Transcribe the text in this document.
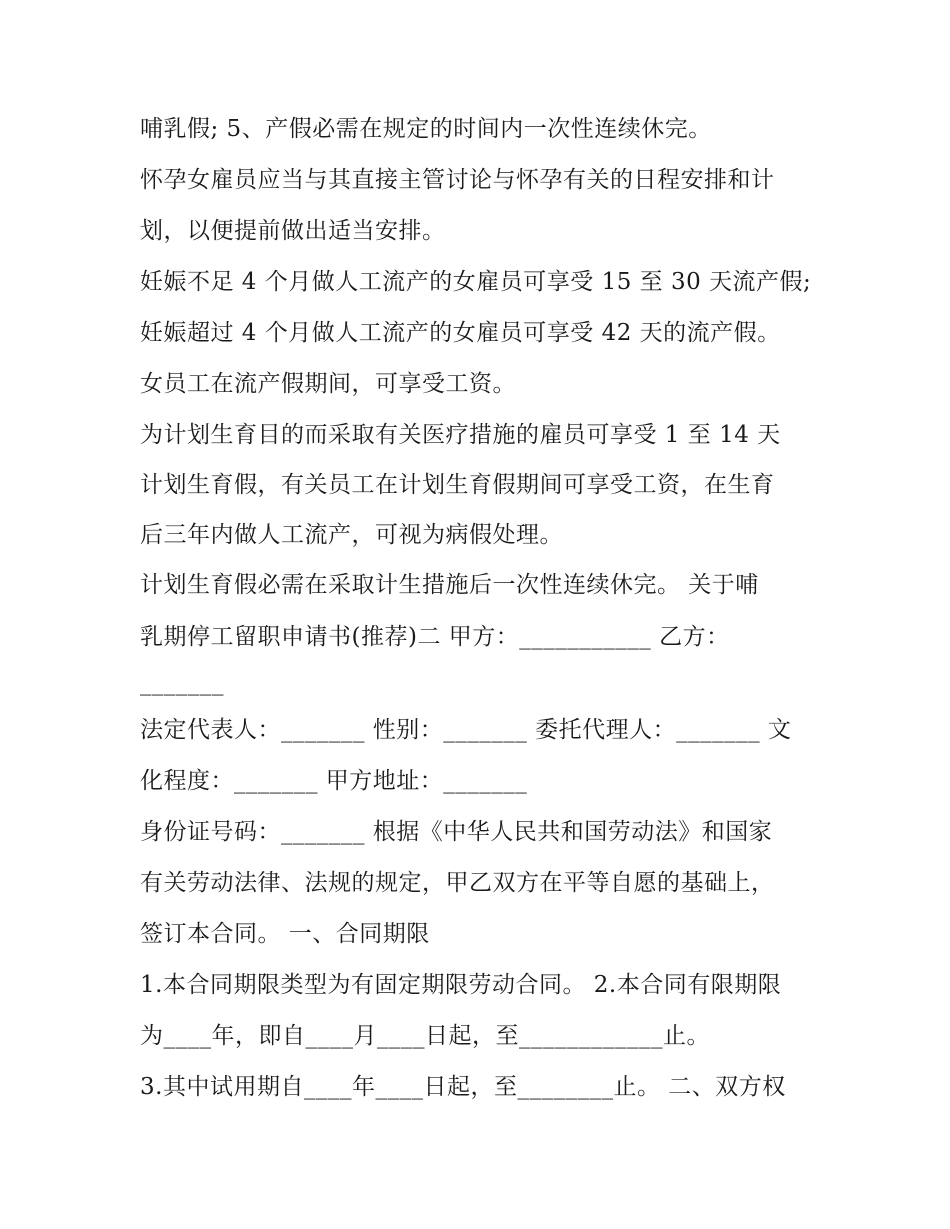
哺乳假; 5、产假必需在规定的时间内一次性连续休完。
怀孕女雇员应当与其直接主管讨论与怀孕有关的日程安排和计
划，以便提前做出适当安排。
妊娠不足 4 个月做人工流产的女雇员可享受 15 至 30 天流产假;
妊娠超过 4 个月做人工流产的女雇员可享受 42 天的流产假。
女员工在流产假期间，可享受工资。
为计划生育目的而采取有关医疗措施的雇员可享受 1 至 14 天
计划生育假，有关员工在计划生育假期间可享受工资，在生育
后三年内做人工流产，可视为病假处理。
计划生育假必需在采取计生措施后一次性连续休完。 关于哺
乳期停工留职申请书(推荐)二 甲方：___________ 乙方：
_______
法定代表人：_______ 性别：_______ 委托代理人：_______ 文
化程度：_______ 甲方地址：_______
身份证号码：_______ 根据《中华人民共和国劳动法》和国家
有关劳动法律、法规的规定，甲乙双方在平等自愿的基础上，
签订本合同。 一、合同期限
1.本合同期限类型为有固定期限劳动合同。 2.本合同有限期限
为____年，即自____月____日起，至____________止。
3.其中试用期自____年____日起，至________止。 二、双方权
